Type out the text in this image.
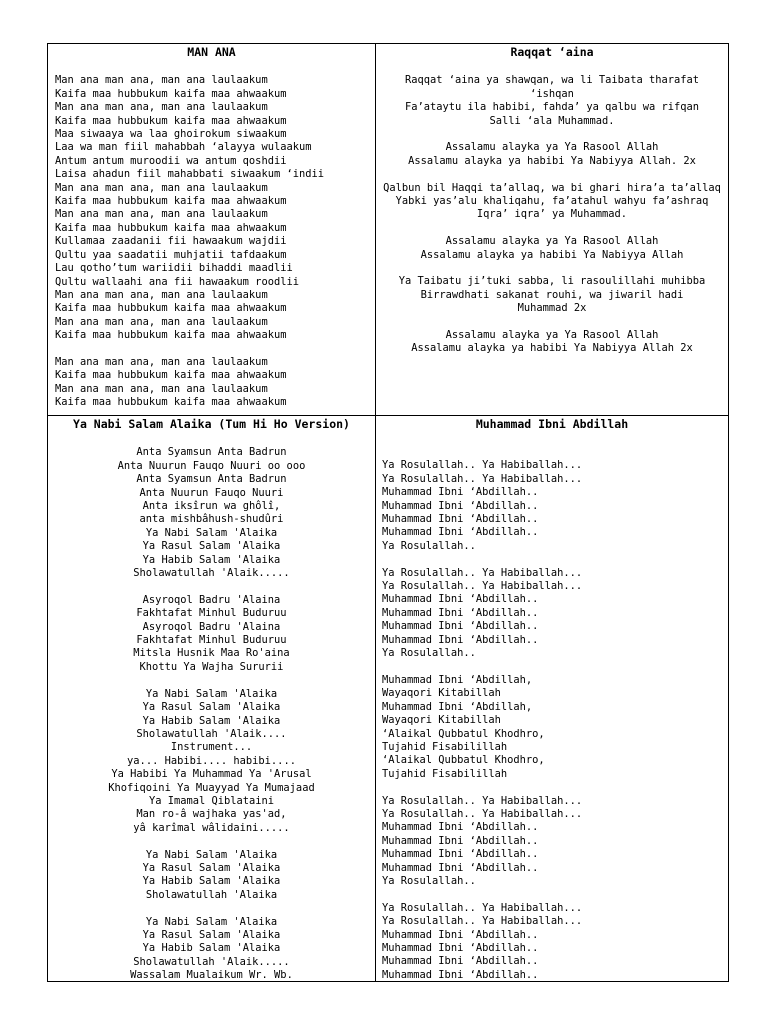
MAN ANA
Man ana man ana, man ana laulaakum
Kaifa maa hubbukum kaifa maa ahwaakum
Man ana man ana, man ana laulaakum
Kaifa maa hubbukum kaifa maa ahwaakum
Maa siwaaya wa laa ghoirokum siwaakum
Laa wa man fiil mahabbah ‘alayya wulaakum
Antum antum muroodii wa antum qoshdii
Laisa ahadun fiil mahabbati siwaakum ‘indii
Man ana man ana, man ana laulaakum
Kaifa maa hubbukum kaifa maa ahwaakum
Man ana man ana, man ana laulaakum
Kaifa maa hubbukum kaifa maa ahwaakum
Kullamaa zaadanii fii hawaakum wajdii
Qultu yaa saadatii muhjatii tafdaakum
Lau qotho’tum wariidii bihaddi maadlii
Qultu wallaahi ana fii hawaakum roodlii
Man ana man ana, man ana laulaakum
Kaifa maa hubbukum kaifa maa ahwaakum
Man ana man ana, man ana laulaakum
Kaifa maa hubbukum kaifa maa ahwaakum
Man ana man ana, man ana laulaakum
Kaifa maa hubbukum kaifa maa ahwaakum
Man ana man ana, man ana laulaakum
Kaifa maa hubbukum kaifa maa ahwaakum
Raqqat ‘aina
Raqqat ‘aina ya shawqan, wa li Taibata tharafat
‘ishqan
Fa’ataytu ila habibi, fahda’ ya qalbu wa rifqan
Salli ‘ala Muhammad.
Assalamu alayka ya Ya Rasool Allah
Assalamu alayka ya habibi Ya Nabiyya Allah. 2x
Qalbun bil Haqqi ta’allaq, wa bi ghari hira’a ta’allaq
Yabki yas’alu khaliqahu, fa’atahul wahyu fa’ashraq
Iqra’ iqra’ ya Muhammad.
Assalamu alayka ya Ya Rasool Allah
Assalamu alayka ya habibi Ya Nabiyya Allah
Ya Taibatu ji’tuki sabba, li rasoulillahi muhibba
Birrawdhati sakanat rouhi, wa jiwaril hadi
Muhammad 2x
Assalamu alayka ya Ya Rasool Allah
Assalamu alayka ya habibi Ya Nabiyya Allah 2x
Ya Nabi Salam Alaika (Tum Hi Ho Version)
Anta Syamsun Anta Badrun
Anta Nuurun Fauqo Nuuri oo ooo
Anta Syamsun Anta Badrun
Anta Nuurun Fauqo Nuuri
Anta iksîrun wa ghôlî,
anta mishbâhush-shudûri
Ya Nabi Salam 'Alaika
Ya Rasul Salam 'Alaika
Ya Habib Salam 'Alaika
Sholawatullah 'Alaik.....
Asyroqol Badru 'Alaina
Fakhtafat Minhul Buduruu
Asyroqol Badru 'Alaina
Fakhtafat Minhul Buduruu
Mitsla Husnik Maa Ro'aina
Khottu Ya Wajha Sururii
Ya Nabi Salam 'Alaika
Ya Rasul Salam 'Alaika
Ya Habib Salam 'Alaika
Sholawatullah 'Alaik....
Instrument...
ya... Habibi.... habibi....
Ya Habibi Ya Muhammad Ya 'Arusal
Khofiqoini Ya Muayyad Ya Mumajaad
Ya Imamal Qiblataini
Man ro-â wajhaka yas'ad,
yâ karîmal wâlidaini.....
Ya Nabi Salam 'Alaika
Ya Rasul Salam 'Alaika
Ya Habib Salam 'Alaika
Sholawatullah 'Alaika
Ya Nabi Salam 'Alaika
Ya Rasul Salam 'Alaika
Ya Habib Salam 'Alaika
Sholawatullah 'Alaik.....
Wassalam Mualaikum Wr. Wb.
Muhammad Ibni Abdillah
Ya Rosulallah.. Ya Habiballah...
Ya Rosulallah.. Ya Habiballah...
Muhammad Ibni ‘Abdillah..
Muhammad Ibni ‘Abdillah..
Muhammad Ibni ‘Abdillah..
Muhammad Ibni ‘Abdillah..
Ya Rosulallah..
Ya Rosulallah.. Ya Habiballah...
Ya Rosulallah.. Ya Habiballah...
Muhammad Ibni ‘Abdillah..
Muhammad Ibni ‘Abdillah..
Muhammad Ibni ‘Abdillah..
Muhammad Ibni ‘Abdillah..
Ya Rosulallah..
Muhammad Ibni ‘Abdillah,
Wayaqori Kitabillah
Muhammad Ibni ‘Abdillah,
Wayaqori Kitabillah
‘Alaikal Qubbatul Khodhro,
Tujahid Fisabilillah
‘Alaikal Qubbatul Khodhro,
Tujahid Fisabilillah
Ya Rosulallah.. Ya Habiballah...
Ya Rosulallah.. Ya Habiballah...
Muhammad Ibni ‘Abdillah..
Muhammad Ibni ‘Abdillah..
Muhammad Ibni ‘Abdillah..
Muhammad Ibni ‘Abdillah..
Ya Rosulallah..
Ya Rosulallah.. Ya Habiballah...
Ya Rosulallah.. Ya Habiballah...
Muhammad Ibni ‘Abdillah..
Muhammad Ibni ‘Abdillah..
Muhammad Ibni ‘Abdillah..
Muhammad Ibni ‘Abdillah..
